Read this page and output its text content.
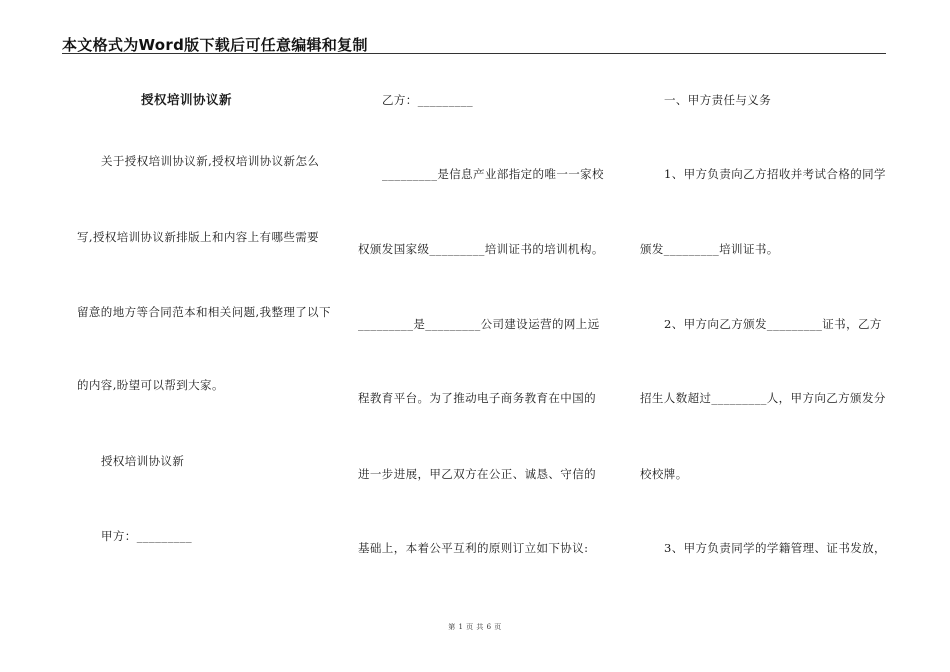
本文格式为Word版下载后可任意编辑和复制
授权培训协议新
关于授权培训协议新,授权培训协议新怎么
写,授权培训协议新排版上和内容上有哪些需要
留意的地方等合同范本和相关问题,我整理了以下
的内容,盼望可以帮到大家。
授权培训协议新
甲方：_________
乙方：_________
_________是信息产业部指定的唯一一家校
权颁发国家级_________培训证书的培训机构。
_________是_________公司建设运营的网上远
程教育平台。为了推动电子商务教育在中国的
进一步进展，甲乙双方在公正、诚恳、守信的
基础上，本着公平互利的原则订立如下协议:
一、甲方责任与义务
1、甲方负责向乙方招收并考试合格的同学
颁发_________培训证书。
2、甲方向乙方颁发_________证书，乙方
招生人数超过_________人，甲方向乙方颁发分
校校牌。
3、甲方负责同学的学籍管理、证书发放，
第 1 页 共 6 页
